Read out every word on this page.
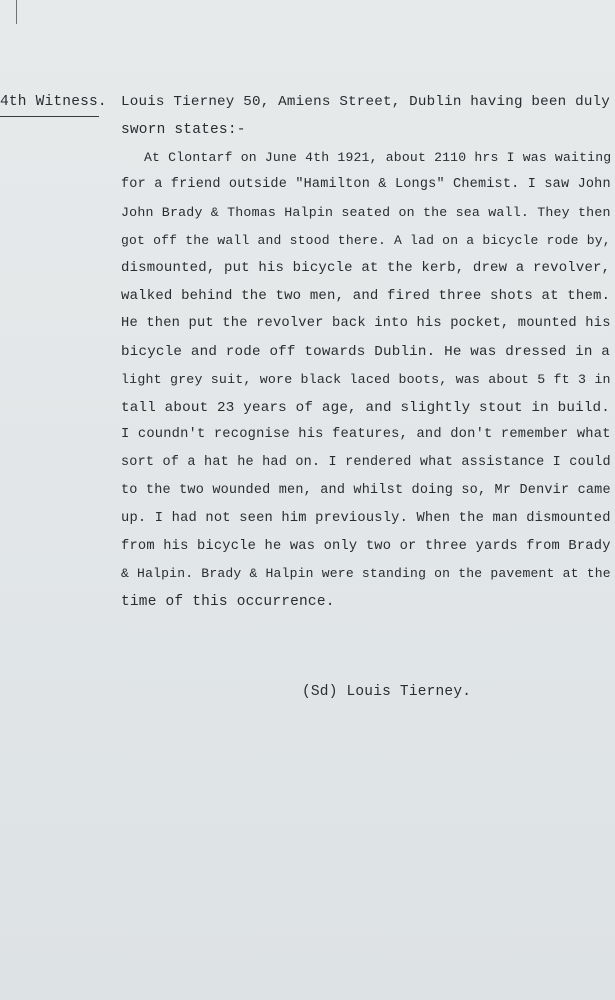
4th Witness. Louis Tierney 50, Amiens Street, Dublin having been duly
sworn states:-
At Clontarf on June 4th 1921, about 2110 hrs I was waiting
for a friend outside "Hamilton & Longs" Chemist. I saw John
John Brady & Thomas Halpin seated on the sea wall. They then
got off the wall and stood there. A lad on a bicycle rode by,
dismounted, put his bicycle at the kerb, drew a revolver,
walked behind the two men, and fired three shots at them.
He then put the revolver back into his pocket, mounted his
bicycle and rode off towards Dublin. He was dressed in a
light grey suit, wore black laced boots, was about 5 ft 3 in
tall about 23 years of age, and slightly stout in build.
I coundn't recognise his features, and don't remember what
sort of a hat he had on. I rendered what assistance I could
to the two wounded men, and whilst doing so, Mr Denvir came
up. I had not seen him previously. When the man dismounted
from his bicycle he was only two or three yards from Brady
& Halpin. Brady & Halpin were standing on the pavement at the
time of this occurrence.
(Sd) Louis Tierney.
